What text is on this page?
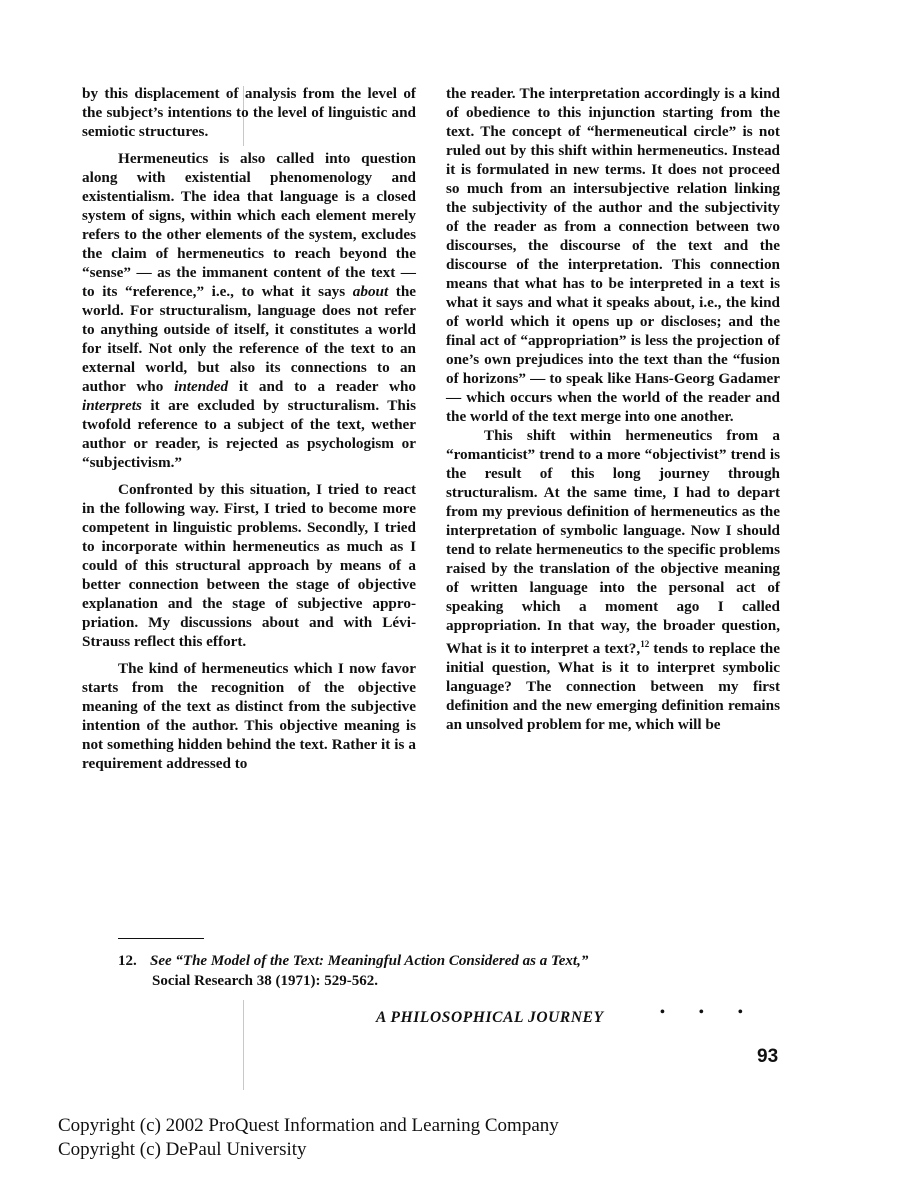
by this displacement of analysis from the level of the subject’s intentions to the level of linguistic and semiotic structures.

Hermeneutics is also called into question along with existential phenomenology and existentialism. The idea that language is a closed system of signs, within which each element merely refers to the other elements of the system, excludes the claim of hermeneutics to reach beyond the “sense” — as the immanent content of the text — to its “reference,” i.e., to what it says about the world. For structuralism, language does not refer to anything outside of itself, it constitutes a world for itself. Not only the reference of the text to an external world, but also its connections to an author who intended it and to a reader who interprets it are excluded by structuralism. This twofold reference to a subject of the text, wether author or reader, is rejected as psychologism or “subjectivism.”

Confronted by this situation, I tried to react in the following way. First, I tried to become more competent in linguistic problems. Secondly, I tried to incorporate within hermeneutics as much as I could of this structural approach by means of a better connection between the stage of objective explanation and the stage of subjective appropriation. My discussions about and with Lévi-Strauss reflect this effort.

The kind of hermeneutics which I now favor starts from the recognition of the objective meaning of the text as distinct from the subjective intention of the author. This objective meaning is not something hidden behind the text. Rather it is a requirement addressed to

the reader. The interpretation accordingly is a kind of obedience to this injunction starting from the text. The concept of “hermeneutical circle” is not ruled out by this shift within hermeneutics. Instead it is formulated in new terms. It does not proceed so much from an intersubjective relation linking the subjectivity of the author and the subjectivity of the reader as from a connection between two discourses, the discourse of the text and the discourse of the interpretation. This connection means that what has to be interpreted in a text is what it says and what it speaks about, i.e., the kind of world which it opens up or discloses; and the final act of “appropriation” is less the projection of one’s own prejudices into the text than the “fusion of horizons” — to speak like Hans-Georg Gadamer — which occurs when the world of the reader and the world of the text merge into one another.

This shift within hermeneutics from a “romanticist” trend to a more “objectivist” trend is the result of this long journey through structuralism. At the same time, I had to depart from my previous definition of hermeneutics as the interpretation of symbolic language. Now I should tend to relate hermeneutics to the specific problems raised by the translation of the objective meaning of written language into the personal act of speaking which a moment ago I called appropriation. In that way, the broader question, What is it to interpret a text?,$^{12}$ tends to replace the initial question, What is it to interpret symbolic language? The connection between my first definition and the new emerging definition remains an unsolved problem for me, which will be

12. See “The Model of the Text: Meaningful Action Considered as a Text,”
Social Research 38 (1971): 529-562.
A PHILOSOPHICAL JOURNEY	• • •
93
Copyright (c) 2002 ProQuest Information and Learning Company
Copyright (c) DePaul University
